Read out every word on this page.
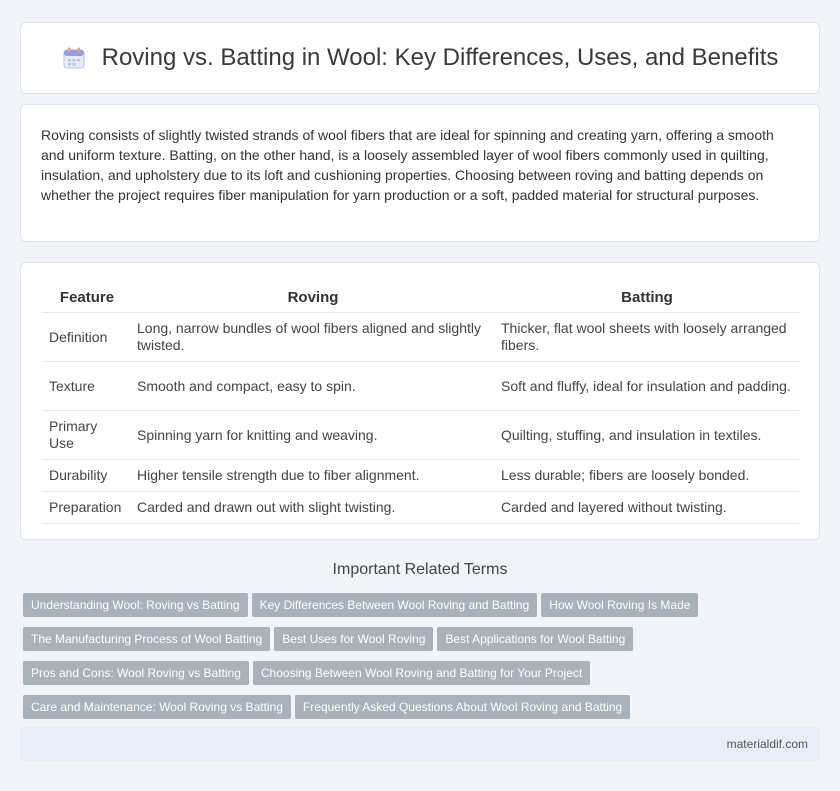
Roving vs. Batting in Wool: Key Differences, Uses, and Benefits

Roving consists of slightly twisted strands of wool fibers that are ideal for spinning and creating yarn, offering a smooth and uniform texture. Batting, on the other hand, is a loosely assembled layer of wool fibers commonly used in quilting, insulation, and upholstery due to its loft and cushioning properties. Choosing between roving and batting depends on whether the project requires fiber manipulation for yarn production or a soft, padded material for structural purposes.

Feature	Roving	Batting
Definition	Long, narrow bundles of wool fibers aligned and slightly twisted.	Thicker, flat wool sheets with loosely arranged fibers.
Texture	Smooth and compact, easy to spin.	Soft and fluffy, ideal for insulation and padding.
Primary Use	Spinning yarn for knitting and weaving.	Quilting, stuffing, and insulation in textiles.
Durability	Higher tensile strength due to fiber alignment.	Less durable; fibers are loosely bonded.
Preparation	Carded and drawn out with slight twisting.	Carded and layered without twisting.
Important Related Terms
Understanding Wool: Roving vs Batting Key Differences Between Wool Roving and Batting How Wool Roving Is Made
The Manufacturing Process of Wool Batting Best Uses for Wool Roving Best Applications for Wool Batting
Pros and Cons: Wool Roving vs Batting Choosing Between Wool Roving and Batting for Your Project
Care and Maintenance: Wool Roving vs Batting Frequently Asked Questions About Wool Roving and Batting
materialdif.com
